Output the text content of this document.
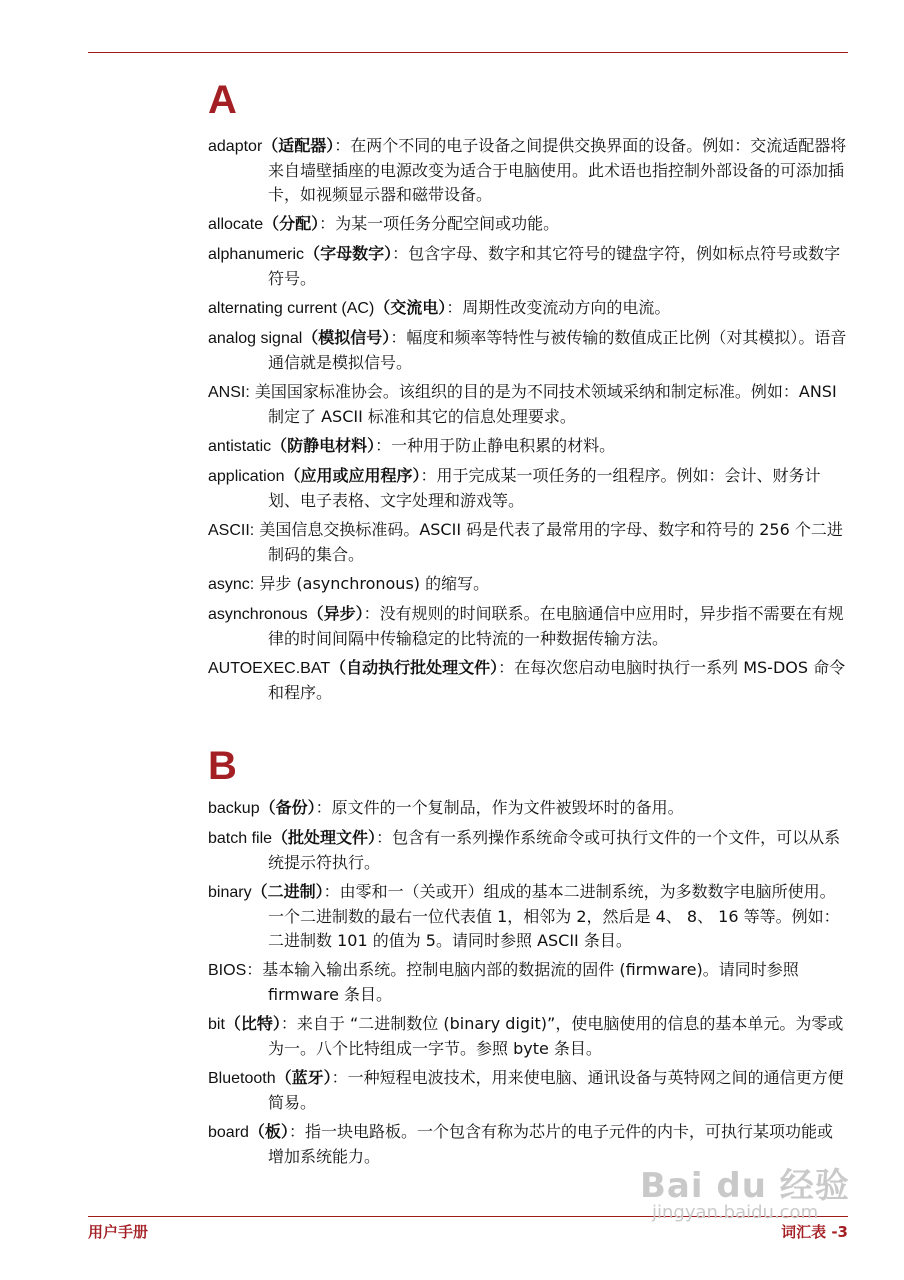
A
adaptor（适配器）：在两个不同的电子设备之间提供交换界面的设备。例如：交流适配器将来自墙壁插座的电源改变为适合于电脑使用。此术语也指控制外部设备的可添加插卡，如视频显示器和磁带设备。
allocate（分配）：为某一项任务分配空间或功能。
alphanumeric（字母数字）：包含字母、数字和其它符号的键盘字符，例如标点符号或数字符号。
alternating current (AC)（交流电）：周期性改变流动方向的电流。
analog signal（模拟信号）：幅度和频率等特性与被传输的数值成正比例（对其模拟）。语音通信就是模拟信号。
ANSI: 美国国家标准协会。该组织的目的是为不同技术领域采纳和制定标准。例如：ANSI 制定了 ASCII 标准和其它的信息处理要求。
antistatic（防静电材料）：一种用于防止静电积累的材料。
application（应用或应用程序）：用于完成某一项任务的一组程序。例如：会计、财务计划、电子表格、文字处理和游戏等。
ASCII: 美国信息交换标准码。ASCII 码是代表了最常用的字母、数字和符号的 256 个二进制码的集合。
async: 异步 (asynchronous) 的缩写。
asynchronous（异步）：没有规则的时间联系。在电脑通信中应用时，异步指不需要在有规律的时间间隔中传输稳定的比特流的一种数据传输方法。
AUTOEXEC.BAT（自动执行批处理文件）：在每次您启动电脑时执行一系列 MS-DOS 命令和程序。
B
backup（备份）：原文件的一个复制品，作为文件被毁坏时的备用。
batch file（批处理文件）：包含有一系列操作系统命令或可执行文件的一个文件，可以从系统提示符执行。
binary（二进制）：由零和一（关或开）组成的基本二进制系统，为多数数字电脑所使用。一个二进制数的最右一位代表值 1，相邻为 2，然后是 4、 8、 16 等等。例如：二进制数 101 的值为 5。请同时参照 ASCII 条目。
BIOS：基本输入输出系统。控制电脑内部的数据流的固件 (firmware)。请同时参照 firmware 条目。
bit（比特）：来自于 “二进制数位 (binary digit)”，使电脑使用的信息的基本单元。为零或为一。八个比特组成一字节。参照 byte 条目。
Bluetooth（蓝牙）：一种短程电波技术，用来使电脑、通讯设备与英特网之间的通信更方便简易。
board（板）：指一块电路板。一个包含有称为芯片的电子元件的内卡，可执行某项功能或增加系统能力。
用户手册	词汇表 -3
Bai du 经验
jingyan.baidu.com
